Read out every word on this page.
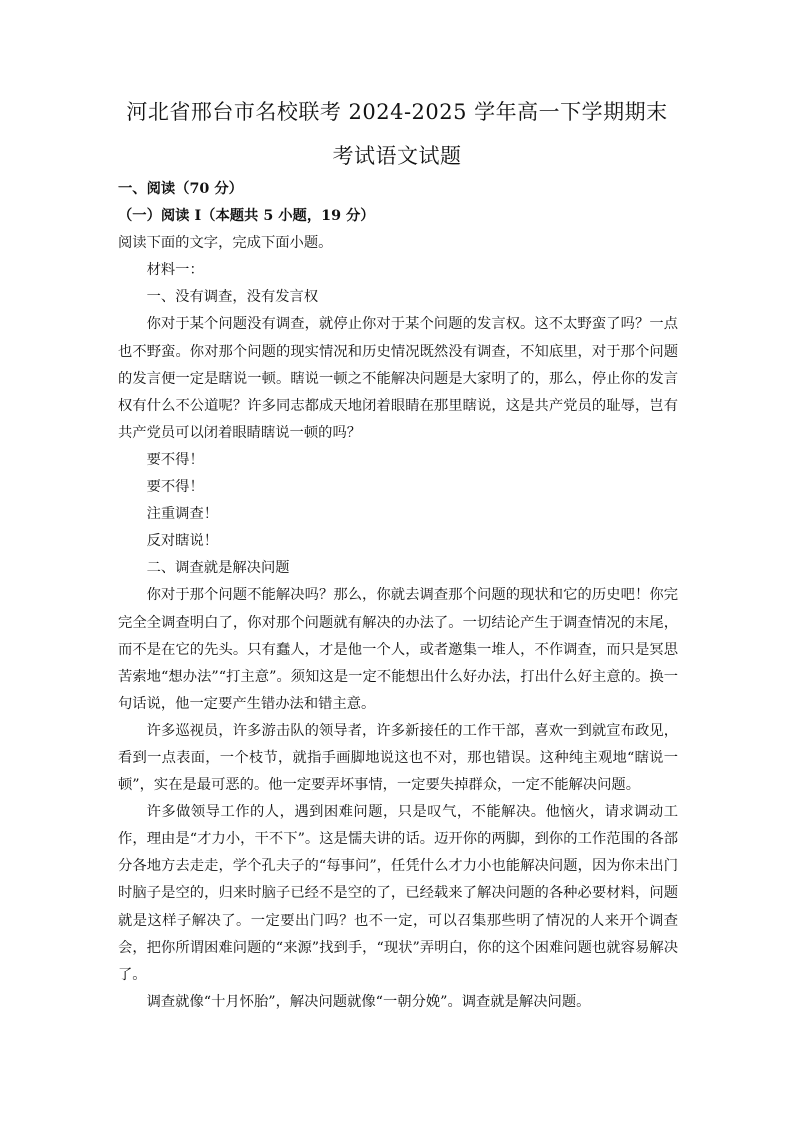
河北省邢台市名校联考 2024-2025 学年高一下学期期末
考试语文试题

一、阅读（70 分）

（一）阅读 I（本题共 5 小题，19 分）

阅读下面的文字，完成下面小题。

材料一：

一、没有调查，没有发言权

你对于某个问题没有调查，就停止你对于某个问题的发言权。这不太野蛮了吗？一点也不野蛮。你对那个问题的现实情况和历史情况既然没有调查，不知底里，对于那个问题的发言便一定是瞎说一顿。瞎说一顿之不能解决问题是大家明了的，那么，停止你的发言权有什么不公道呢？许多同志都成天地闭着眼睛在那里瞎说，这是共产党员的耻辱，岂有共产党员可以闭着眼睛瞎说一顿的吗？

要不得！

要不得！

注重调查！

反对瞎说！

二、调查就是解决问题

你对于那个问题不能解决吗？那么，你就去调查那个问题的现状和它的历史吧！你完完全全调查明白了，你对那个问题就有解决的办法了。一切结论产生于调查情况的末尾，而不是在它的先头。只有蠢人，才是他一个人，或者邀集一堆人，不作调查，而只是冥思苦索地“想办法”“打主意”。须知这是一定不能想出什么好办法，打出什么好主意的。换一句话说，他一定要产生错办法和错主意。

许多巡视员，许多游击队的领导者，许多新接任的工作干部，喜欢一到就宣布政见，看到一点表面，一个枝节，就指手画脚地说这也不对，那也错误。这种纯主观地“瞎说一顿”，实在是最可恶的。他一定要弄坏事情，一定要失掉群众，一定不能解决问题。

许多做领导工作的人，遇到困难问题，只是叹气，不能解决。他恼火，请求调动工作，理由是“才力小，干不下”。这是懦夫讲的话。迈开你的两脚，到你的工作范围的各部分各地方去走走，学个孔夫子的“每事问”，任凭什么才力小也能解决问题，因为你未出门时脑子是空的，归来时脑子已经不是空的了，已经载来了解决问题的各种必要材料，问题就是这样子解决了。一定要出门吗？也不一定，可以召集那些明了情况的人来开个调查会，把你所谓困难问题的“来源”找到手，“现状”弄明白，你的这个困难问题也就容易解决了。

调查就像“十月怀胎”，解决问题就像“一朝分娩”。调查就是解决问题。
